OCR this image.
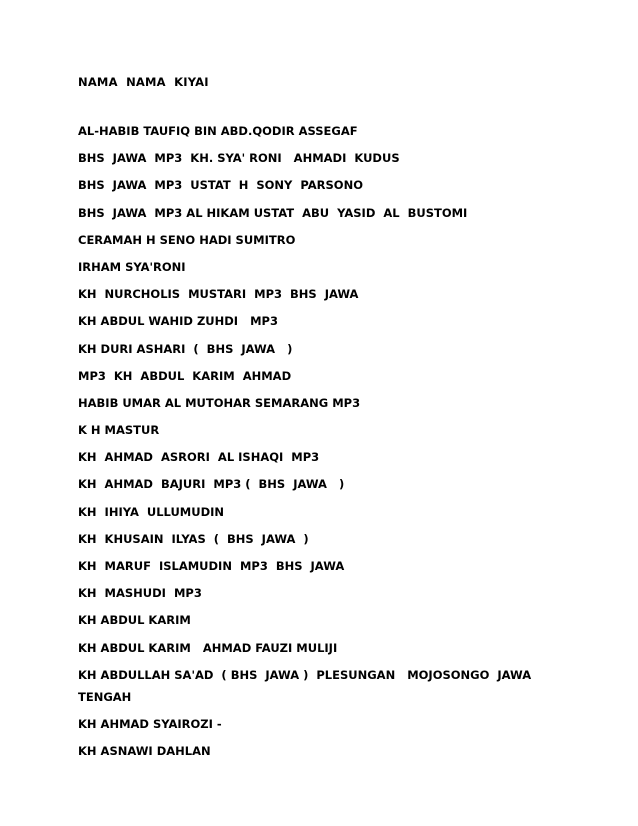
NAMA  NAMA  KIYAI

AL-HABIB TAUFIQ BIN ABD.QODIR ASSEGAF
BHS  JAWA  MP3  KH. SYA' RONI   AHMADI  KUDUS
BHS  JAWA  MP3  USTAT  H  SONY  PARSONO
BHS  JAWA  MP3 AL HIKAM USTAT  ABU  YASID  AL  BUSTOMI
CERAMAH H SENO HADI SUMITRO
IRHAM SYA'RONI
KH  NURCHOLIS  MUSTARI  MP3  BHS  JAWA
KH ABDUL WAHID ZUHDI   MP3
KH DURI ASHARI  (  BHS  JAWA   )
MP3  KH  ABDUL  KARIM  AHMAD
HABIB UMAR AL MUTOHAR SEMARANG MP3
K H MASTUR
KH  AHMAD  ASRORI  AL ISHAQI  MP3
KH  AHMAD  BAJURI  MP3 (  BHS  JAWA   )
KH  IHIYA  ULLUMUDIN
KH  KHUSAIN  ILYAS  (  BHS  JAWA  )
KH  MARUF  ISLAMUDIN  MP3  BHS  JAWA
KH  MASHUDI  MP3
KH ABDUL KARIM
KH ABDUL KARIM   AHMAD FAUZI MULIJI
KH ABDULLAH SA'AD  ( BHS  JAWA )  PLESUNGAN   MOJOSONGO  JAWA TENGAH
KH AHMAD SYAIROZI -
KH ASNAWI DAHLAN
